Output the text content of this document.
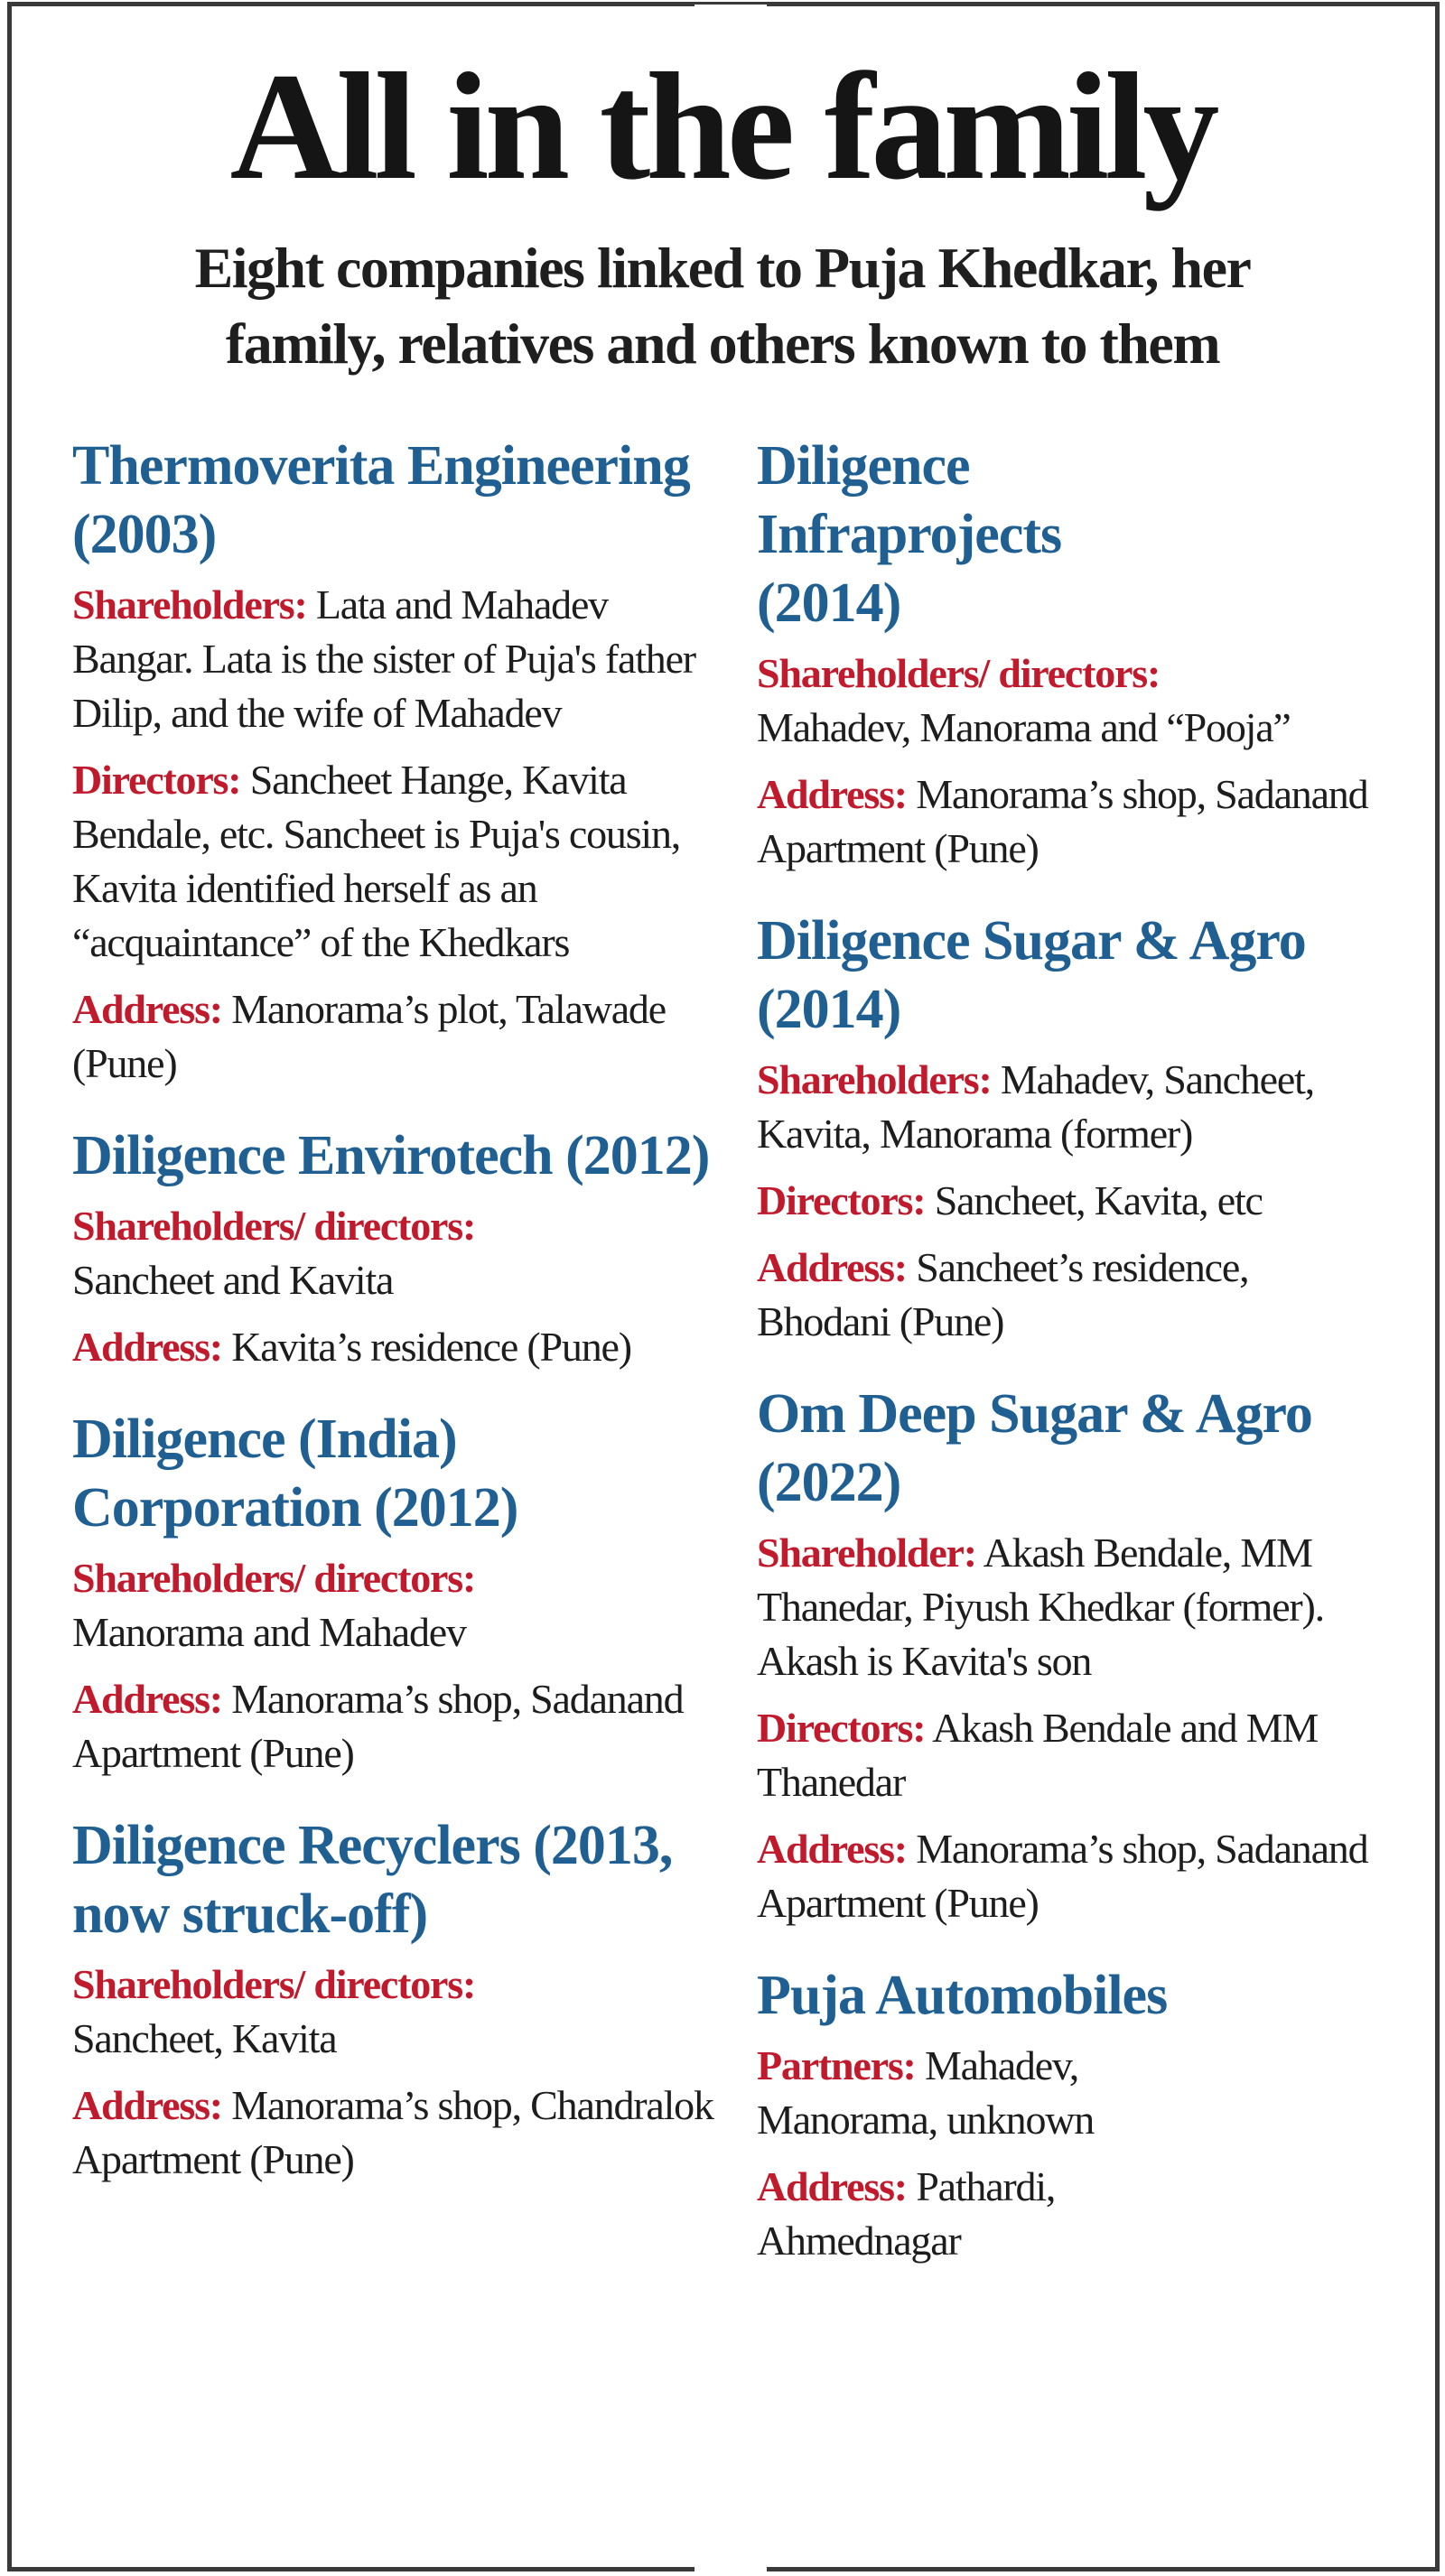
All in the family

Eight companies linked to Puja Khedkar, her family, relatives and others known to them

Thermoverita Engineering (2003)

Shareholders: Lata and Mahadev Bangar. Lata is the sister of Puja's father Dilip, and the wife of Mahadev

Directors: Sancheet Hange, Kavita Bendale, etc. Sancheet is Puja's cousin, Kavita identified herself as an “acquaintance” of the Khedkars

Address: Manorama’s plot, Talawade (Pune)

Diligence Envirotech (2012)

Shareholders/ directors:
Sancheet and Kavita

Address: Kavita’s residence (Pune)

Diligence (India) Corporation (2012)

Shareholders/ directors:
Manorama and Mahadev

Address: Manorama’s shop, Sadanand Apartment (Pune)

Diligence Recyclers (2013, now struck-off)

Shareholders/ directors:
Sancheet, Kavita

Address: Manorama’s shop, Chandralok Apartment (Pune)

Diligence Infraprojects (2014)

Shareholders/ directors:
Mahadev, Manorama and “Pooja”

Address: Manorama’s shop, Sadanand Apartment (Pune)

Diligence Sugar & Agro (2014)

Shareholders: Mahadev, Sancheet, Kavita, Manorama (former)

Directors: Sancheet, Kavita, etc

Address: Sancheet’s residence, Bhodani (Pune)

Om Deep Sugar & Agro (2022)

Shareholder: Akash Bendale, MM Thanedar, Piyush Khedkar (former). Akash is Kavita's son

Directors: Akash Bendale and MM Thanedar

Address: Manorama’s shop, Sadanand Apartment (Pune)

Puja Automobiles

Partners: Mahadev, Manorama, unknown

Address: Pathardi, Ahmednagar
